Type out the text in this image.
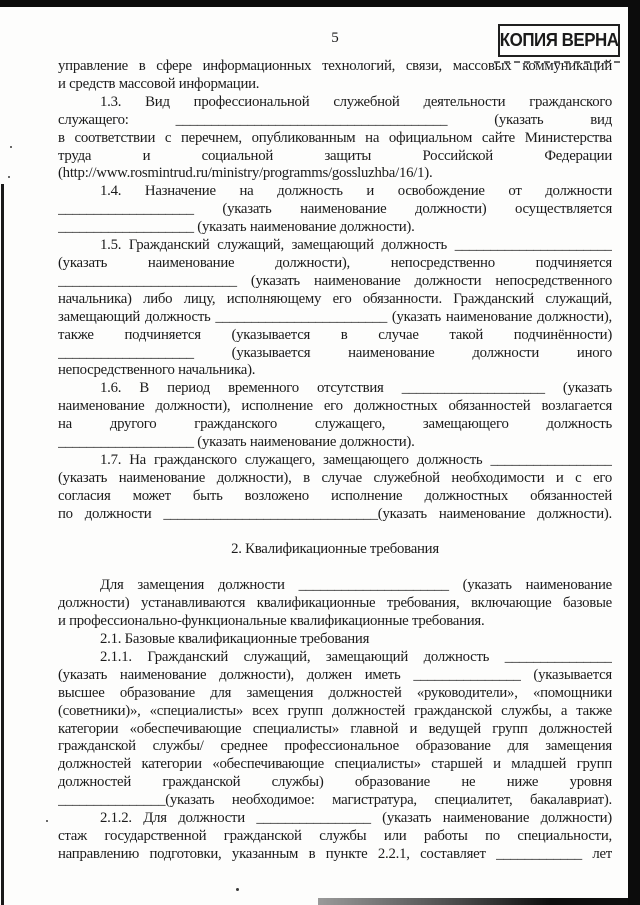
5	КОПИЯ ВЕРНА
управление в сфере информационных технологий, связи, массовых коммуникаций
и средств массовой информации.
1.3. Вид профессиональной служебной деятельности гражданского
служащего: ______________________________________ (указать вид
в соответствии с перечнем, опубликованным на официальном сайте Министерства
труда и социальной защиты Российской Федерации
(http://www.rosmintrud.ru/ministry/programms/gossluzhba/16/1).
1.4. Назначение на должность и освобождение от должности
___________________ (указать наименование должности) осуществляется
___________________ (указать наименование должности).
1.5. Гражданский служащий, замещающий должность ______________________
(указать наименование должности), непосредственно подчиняется
_________________________ (указать наименование должности непосредственного
начальника) либо лицу, исполняющему его обязанности. Гражданский служащий,
замещающий должность ________________________ (указать наименование должности),
также подчиняется (указывается в случае такой подчинённости)
___________________ (указывается наименование должности иного
непосредственного начальника).
1.6. В период временного отсутствия ____________________ (указать
наименование должности), исполнение его должностных обязанностей возлагается
на другого гражданского служащего, замещающего должность
___________________ (указать наименование должности).
1.7. На гражданского служащего, замещающего должность _________________
(указать наименование должности), в случае служебной необходимости и с его
согласия может быть возложено исполнение должностных обязанностей
по должности ______________________________(указать наименование должности).
2. Квалификационные требования
Для замещения должности _____________________ (указать наименование
должности) устанавливаются квалификационные требования, включающие базовые
и профессионально-функциональные квалификационные требования.
2.1. Базовые квалификационные требования
2.1.1. Гражданский служащий, замещающий должность _______________
(указать наименование должности), должен иметь _______________ (указывается
высшее образование для замещения должностей «руководители», «помощники
(советники)», «специалисты» всех групп должностей гражданской службы, а также
категории «обеспечивающие специалисты» главной и ведущей групп должностей
гражданской службы/ среднее профессиональное образование для замещения
должностей категории «обеспечивающие специалисты» старшей и младшей групп
должностей гражданской службы) образование не ниже уровня
_______________(указать необходимое: магистратура, специалитет, бакалавриат).
2.1.2. Для должности ________________ (указать наименование должности)
стаж государственной гражданской службы или работы по специальности,
направлению подготовки, указанным в пункте 2.2.1, составляет ____________ лет
